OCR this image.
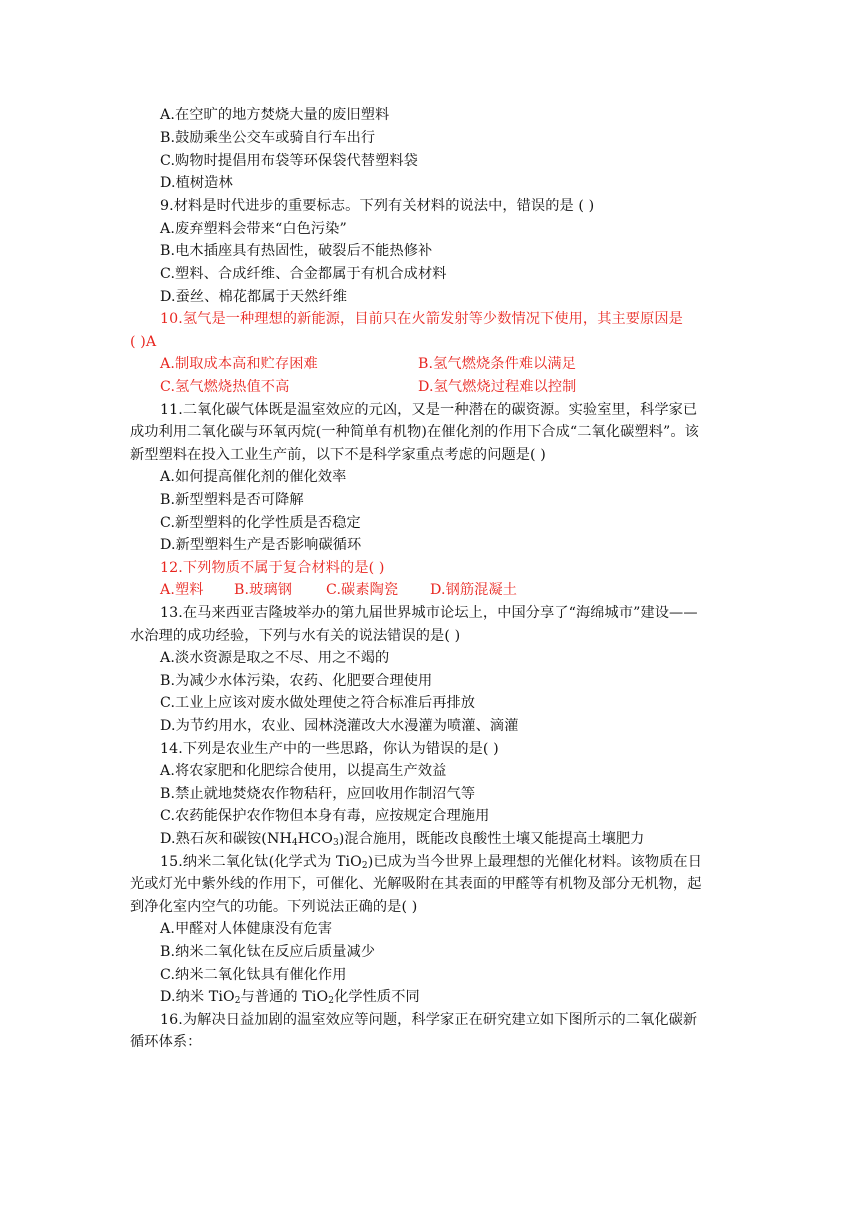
A.在空旷的地方焚烧大量的废旧塑料
B.鼓励乘坐公交车或骑自行车出行
C.购物时提倡用布袋等环保袋代替塑料袋
D.植树造林
9.材料是时代进步的重要标志。下列有关材料的说法中，错误的是 ( )
A.废弃塑料会带来“白色污染”
B.电木插座具有热固性，破裂后不能热修补
C.塑料、合成纤维、合金都属于有机合成材料
D.蚕丝、棉花都属于天然纤维
10.氢气是一种理想的新能源，目前只在火箭发射等少数情况下使用，其主要原因是
( )A
A.制取成本高和贮存困难	B.氢气燃烧条件难以满足
C.氢气燃烧热值不高	D.氢气燃烧过程难以控制
11.二氧化碳气体既是温室效应的元凶，又是一种潜在的碳资源。实验室里，科学家已
成功利用二氧化碳与环氧丙烷(一种简单有机物)在催化剂的作用下合成“二氧化碳塑料”。该
新型塑料在投入工业生产前，以下不是科学家重点考虑的问题是( )
A.如何提高催化剂的催化效率
B.新型塑料是否可降解
C.新型塑料的化学性质是否稳定
D.新型塑料生产是否影响碳循环
12.下列物质不属于复合材料的是( )
A.塑料 B.玻璃钢 C.碳素陶瓷 D.钢筋混凝土
13.在马来西亚吉隆坡举办的第九届世界城市论坛上，中国分享了“海绵城市”建设——
水治理的成功经验，下列与水有关的说法错误的是( )
A.淡水资源是取之不尽、用之不竭的
B.为减少水体污染，农药、化肥要合理使用
C.工业上应该对废水做处理使之符合标准后再排放
D.为节约用水，农业、园林浇灌改大水漫灌为喷灌、滴灌
14.下列是农业生产中的一些思路，你认为错误的是( )
A.将农家肥和化肥综合使用，以提高生产效益
B.禁止就地焚烧农作物秸秆，应回收用作制沼气等
C.农药能保护农作物但本身有毒，应按规定合理施用
D.熟石灰和碳铵$(NH_4HCO_3)$混合施用，既能改良酸性土壤又能提高土壤肥力
15.纳米二氧化钛(化学式为 TiO$_2$)已成为当今世界上最理想的光催化材料。该物质在日
光或灯光中紫外线的作用下，可催化、光解吸附在其表面的甲醛等有机物及部分无机物，起
到净化室内空气的功能。下列说法正确的是( )
A.甲醛对人体健康没有危害
B.纳米二氧化钛在反应后质量减少
C.纳米二氧化钛具有催化作用
D.纳米 TiO$_2$与普通的 TiO$_2$化学性质不同
16.为解决日益加剧的温室效应等问题，科学家正在研究建立如下图所示的二氧化碳新
循环体系：
